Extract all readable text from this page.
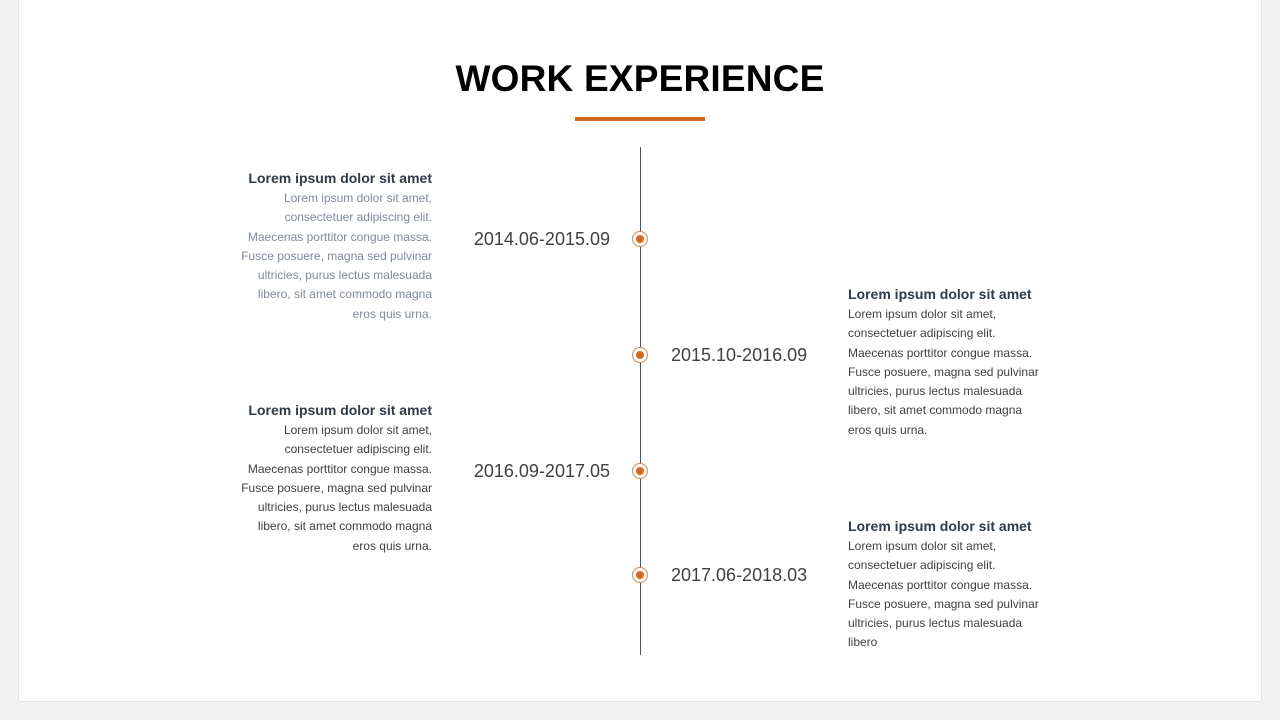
WORK EXPERIENCE
2014.06-2015.09
2015.10-2016.09
2016.09-2017.05
2017.06-2018.03
Lorem ipsum dolor sit amet
Lorem ipsum dolor sit amet,
consectetuer adipiscing elit.
Maecenas porttitor congue massa.
Fusce posuere, magna sed pulvinar
ultricies, purus lectus malesuada
libero, sit amet commodo magna
eros quis urna.
Lorem ipsum dolor sit amet
Lorem ipsum dolor sit amet,
consectetuer adipiscing elit.
Maecenas porttitor congue massa.
Fusce posuere, magna sed pulvinar
ultricies, purus lectus malesuada
libero, sit amet commodo magna
eros quis urna.
Lorem ipsum dolor sit amet
Lorem ipsum dolor sit amet,
consectetuer adipiscing elit.
Maecenas porttitor congue massa.
Fusce posuere, magna sed pulvinar
ultricies, purus lectus malesuada
libero, sit amet commodo magna
eros quis urna.
Lorem ipsum dolor sit amet
Lorem ipsum dolor sit amet,
consectetuer adipiscing elit.
Maecenas porttitor congue massa.
Fusce posuere, magna sed pulvinar
ultricies, purus lectus malesuada
libero
